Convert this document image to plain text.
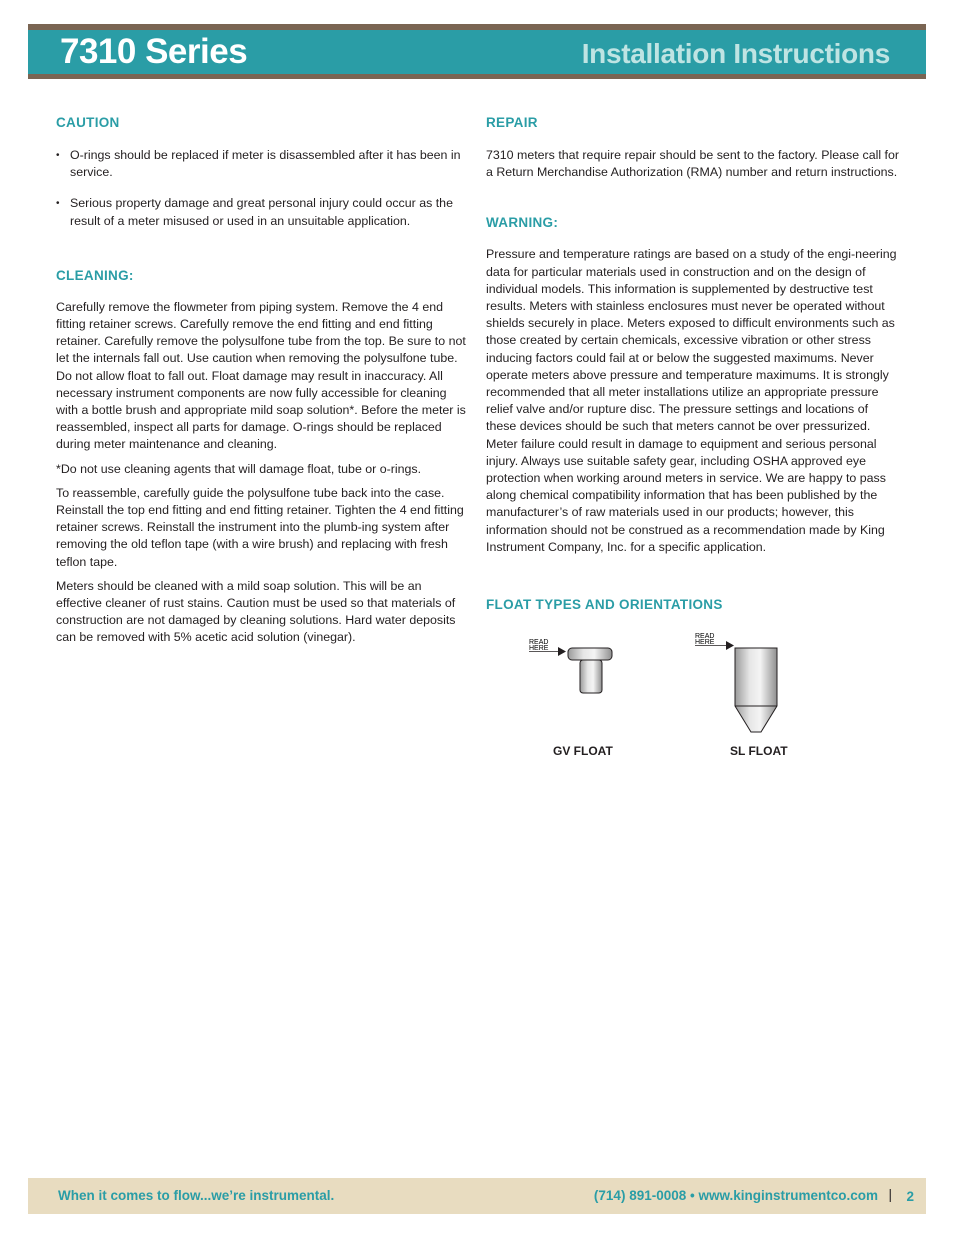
7310 Series	Installation Instructions
CAUTION
• O-rings should be replaced if meter is disassembled after it has been in service.
• Serious property damage and great personal injury could occur as the result of a meter misused or used in an unsuitable application.
CLEANING:

Carefully remove the flowmeter from piping system. Remove the 4 end fitting retainer screws. Carefully remove the end fitting and end fitting retainer. Carefully remove the polysulfone tube from the top. Be sure to not let the internals fall out. Use caution when removing the polysulfone tube. Do not allow float to fall out. Float damage may result in inaccuracy. All necessary instrument components are now fully accessible for cleaning with a bottle brush and appropriate mild soap solution*. Before the meter is reassembled, inspect all parts for damage. O-rings should be replaced during meter maintenance and cleaning.

*Do not use cleaning agents that will damage float, tube or o-rings.

To reassemble, carefully guide the polysulfone tube back into the case. Reinstall the top end fitting and end fitting retainer. Tighten the 4 end fitting retainer screws. Reinstall the instrument into the plumb-ing system after removing the old teflon tape (with a wire brush) and replacing with fresh teflon tape.

Meters should be cleaned with a mild soap solution. This will be an effective cleaner of rust stains. Caution must be used so that materials of construction are not damaged by cleaning solutions. Hard water deposits can be removed with 5% acetic acid solution (vinegar).

REPAIR

7310 meters that require repair should be sent to the factory. Please call for a Return Merchandise Authorization (RMA) number and return instructions.

WARNING:

Pressure and temperature ratings are based on a study of the engi-neering data for particular materials used in construction and on the design of individual models. This information is supplemented by destructive test results. Meters with stainless enclosures must never be operated without shields securely in place. Meters exposed to difficult environments such as those created by certain chemicals, excessive vibration or other stress inducing factors could fail at or below the suggested maximums. Never operate meters above pressure and temperature maximums. It is strongly recommended that all meter installations utilize an appropriate pressure relief valve and/or rupture disc. The pressure settings and locations of these devices should be such that meters cannot be over pressurized. Meter failure could result in damage to equipment and serious personal injury. Always use suitable safety gear, including OSHA approved eye protection when working around meters in service. We are happy to pass along chemical compatibility information that has been published by the manufacturer’s of raw materials used in our products; however, this information should not be construed as a recommendation made by King Instrument Company, Inc. for a specific application.

FLOAT TYPES AND ORIENTATIONS
READ
HERE
READ
HERE
GV FLOAT	SL FLOAT
When it comes to flow...we’re instrumental.	(714) 891-0008 • www.kinginstrumentco.com | 2
